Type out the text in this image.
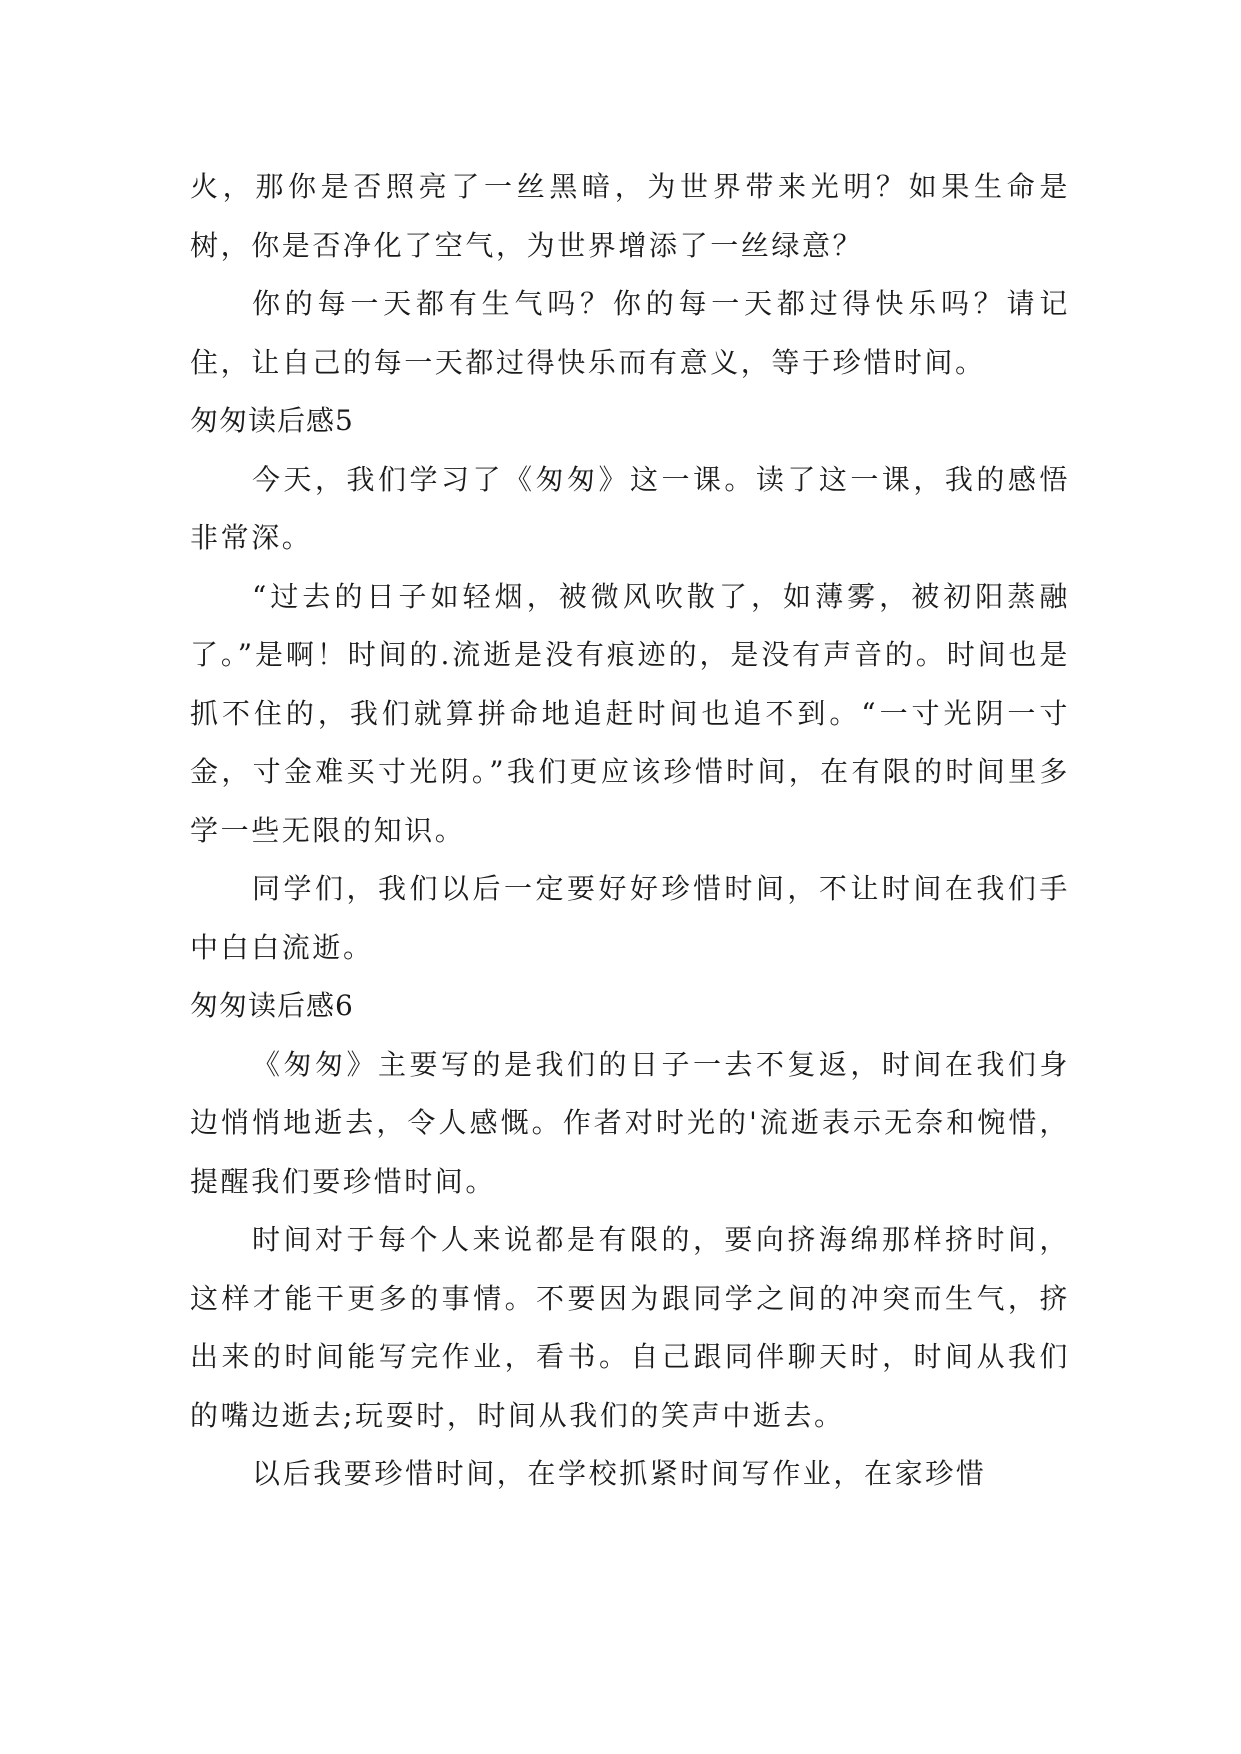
火，那你是否照亮了一丝黑暗，为世界带来光明？如果生命是树，你是否净化了空气，为世界增添了一丝绿意？

你的每一天都有生气吗？你的每一天都过得快乐吗？请记住，让自己的每一天都过得快乐而有意义，等于珍惜时间。

匆匆读后感5

今天，我们学习了《匆匆》这一课。读了这一课，我的感悟非常深。

“过去的日子如轻烟，被微风吹散了，如薄雾，被初阳蒸融了。”是啊！时间的.流逝是没有痕迹的，是没有声音的。时间也是抓不住的，我们就算拼命地追赶时间也追不到。“一寸光阴一寸金，寸金难买寸光阴。”我们更应该珍惜时间，在有限的时间里多学一些无限的知识。

同学们，我们以后一定要好好珍惜时间，不让时间在我们手中白白流逝。

匆匆读后感6

《匆匆》主要写的是我们的日子一去不复返，时间在我们身边悄悄地逝去，令人感慨。作者对时光的'流逝表示无奈和惋惜，提醒我们要珍惜时间。

时间对于每个人来说都是有限的，要向挤海绵那样挤时间，这样才能干更多的事情。不要因为跟同学之间的冲突而生气，挤出来的时间能写完作业，看书。自己跟同伴聊天时，时间从我们的嘴边逝去;玩耍时，时间从我们的笑声中逝去。

以后我要珍惜时间，在学校抓紧时间写作业，在家珍惜
